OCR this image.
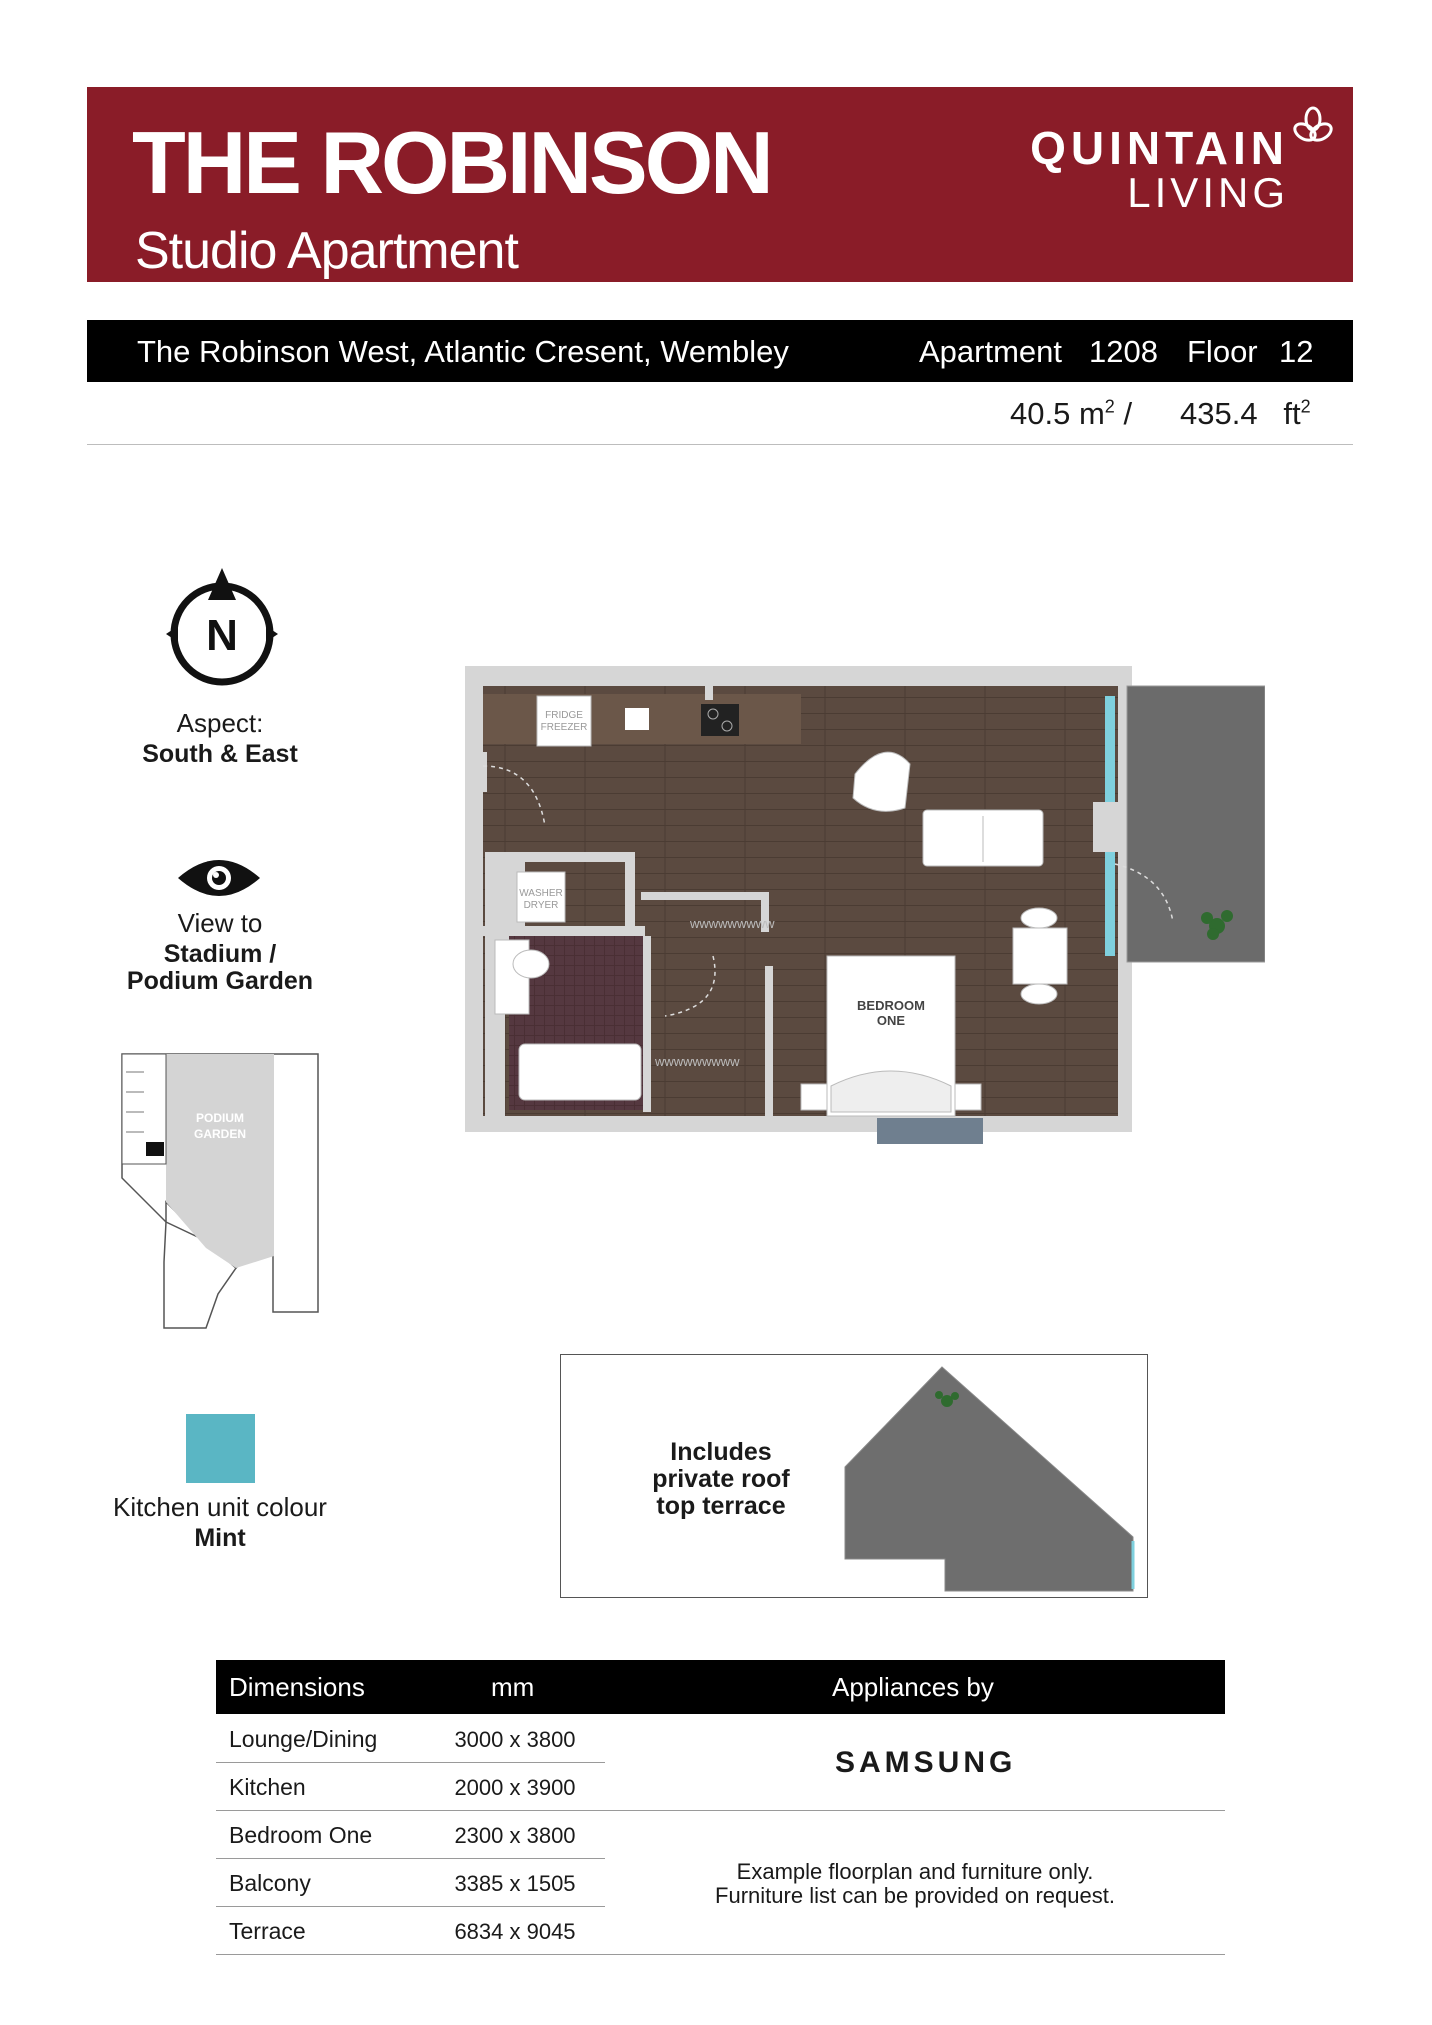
THE ROBINSON
Studio Apartment
QUINTAIN
LIVING
The Robinson West, Atlantic Cresent, Wembley	Apartment 1208 Floor 12
40.5 $m^2 / 435.4$ $ft^2$
N
Aspect:
South & East
View to
Stadium /
Podium Garden
PODIUM
GARDEN
FRIDGE
FREEZER
WASHER
DRYER
wwwwwwwww
wwwwwwwww
BEDROOM
ONE
Kitchen unit colour
Mint
Includes
private roof
top terrace
Dimensions	mm	Appliances by
Lounge/Dining	3000 x 3800
Kitchen	2000 x 3900
Bedroom One	2300 x 3800
Balcony	3385 x 1505
Terrace	6834 x 9045
SAMSUNG
Example floorplan and furniture only.
Furniture list can be provided on request.
